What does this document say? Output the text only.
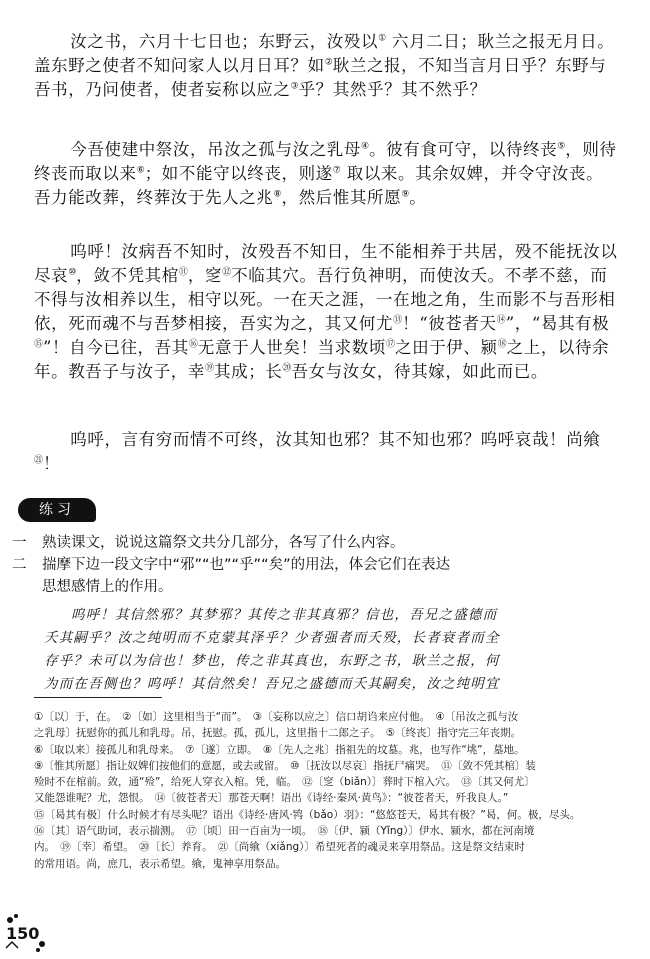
汝之书，六月十七日也；东野云，汝殁以① 六月二日；耿兰之报无月日。盖东野之使者不知问家人以月日耳？如②耿兰之报，不知当言月日乎？东野与吾书，乃问使者，使者妄称以应之③乎？其然乎？其不然乎？

今吾使建中祭汝，吊汝之孤与汝之乳母④。彼有食可守，以待终丧⑤，则待终丧而取以来⑥；如不能守以终丧，则遂⑦ 取以来。其余奴婢，并令守汝丧。吾力能改葬，终葬汝于先人之兆⑧，然后惟其所愿⑨。

呜呼！汝病吾不知时，汝殁吾不知日，生不能相养于共居，殁不能抚汝以尽哀⑩，敛不凭其棺⑪，窆⑫不临其穴。吾行负神明，而使汝夭。不孝不慈，而不得与汝相养以生，相守以死。一在天之涯，一在地之角，生而影不与吾形相依，死而魂不与吾梦相接，吾实为之，其又何尤⑬！“彼苍者天⑭”，“曷其有极⑮”！自今已往，吾其⑯无意于人世矣！当求数顷⑰之田于伊、颍⑱之上，以待余年。教吾子与汝子，幸⑲其成；长⑳吾女与汝女，待其嫁，如此而已。

呜呼，言有穷而情不可终，汝其知也邪？其不知也邪？呜呼哀哉！尚飨$^㉑$！

练习
一 熟读课文，说说这篇祭文共分几部分，各写了什么内容。
二 揣摩下边一段文字中“邪”“也”“乎”“矣”的用法，体会它们在表达
思想感情上的作用。

呜呼！其信然邪？其梦邪？其传之非其真邪？信也，吾兄之盛德而

夭其嗣乎？汝之纯明而不克蒙其泽乎？少者强者而夭殁，长者衰者而全

存乎？未可以为信也！梦也，传之非其真也，东野之书，耿兰之报，何

为而在吾侧也？呜呼！其信然矣！吾兄之盛德而夭其嗣矣，汝之纯明宜

①〔以〕于，在。　②〔如〕这里相当于“而”。　③〔妄称以应之〕信口胡诌来应付他。　④〔吊汝之孤与汝

之乳母〕抚慰你的孤儿和乳母。吊，抚慰。孤，孤儿，这里指十二郎之子。　⑤〔终丧〕指守完三年丧期。

⑥〔取以来〕接孤儿和乳母来。　⑦〔遂〕立即。　⑧〔先人之兆〕指祖先的坟墓。兆，也写作“垗”，墓地。

⑨〔惟其所愿〕指让奴婢们按他们的意愿，或去或留。　⑩〔抚汝以尽哀〕指抚尸痛哭。　⑪〔敛不凭其棺〕装

殓时不在棺前。敛，通“殓”，给死人穿衣入棺。凭，临。　⑫〔窆（biǎn）〕葬时下棺入穴。　⑬〔其又何尤〕

又能怨谁呢？尤，怨恨。　⑭〔彼苍者天〕那苍天啊！语出《诗经·秦风·黄鸟》：“彼苍者天，歼我良人。”

⑮〔曷其有极〕什么时候才有尽头呢？语出《诗经·唐风·鸨（bǎo）羽》：“悠悠苍天，曷其有极？”曷，何。极，尽头。

⑯〔其〕语气助词，表示揣测。　⑰〔顷〕田一百亩为一顷。　⑱〔伊、颍（Yǐng）〕伊水、颍水，都在河南境

内。　⑲〔幸〕希望。　⑳〔长〕养育。　㉑〔尚飨（xiǎng）〕希望死者的魂灵来享用祭品。这是祭文结束时

的常用语。尚，庶几，表示希望。飨，鬼神享用祭品。

150
